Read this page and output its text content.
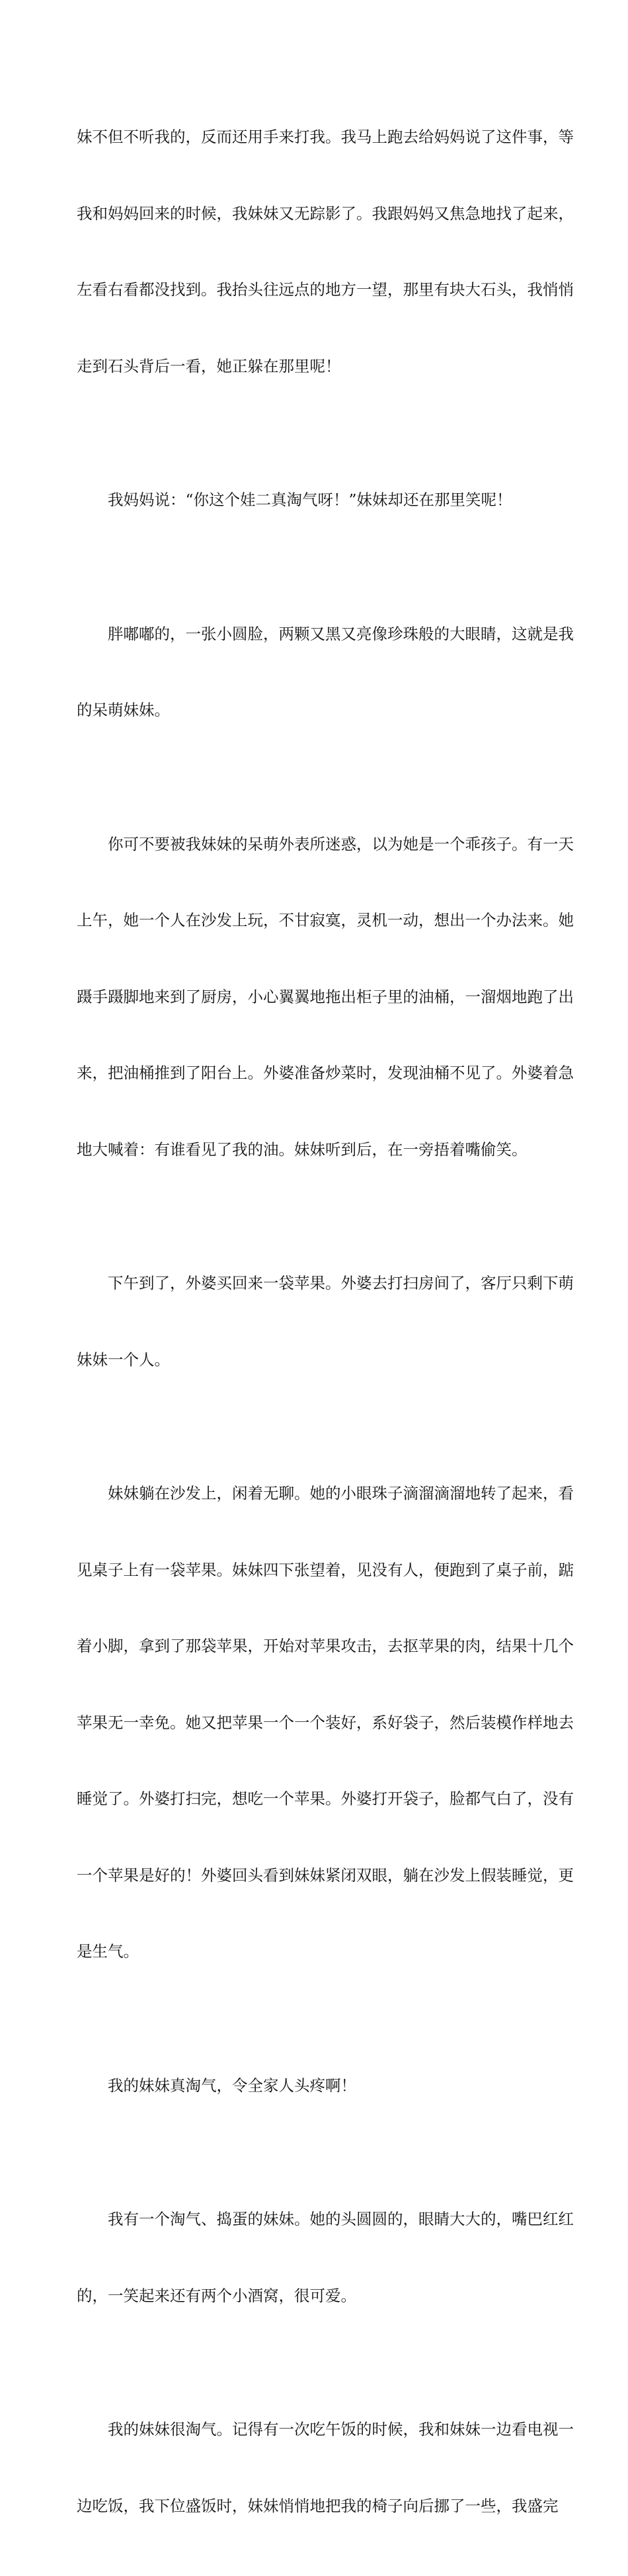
妹不但不听我的，反而还用手来打我。我马上跑去给妈妈说了这件事，等

我和妈妈回来的时候，我妹妹又无踪影了。我跟妈妈又焦急地找了起来，

左看右看都没找到。我抬头往远点的地方一望，那里有块大石头，我悄悄

走到石头背后一看，她正躲在那里呢！

　　我妈妈说：“你这个娃二真淘气呀！”妹妹却还在那里笑呢！

　　胖嘟嘟的，一张小圆脸，两颗又黑又亮像珍珠般的大眼睛，这就是我

的呆萌妹妹。

　　你可不要被我妹妹的呆萌外表所迷惑，以为她是一个乖孩子。有一天

上午，她一个人在沙发上玩，不甘寂寞，灵机一动，想出一个办法来。她

蹑手蹑脚地来到了厨房，小心翼翼地拖出柜子里的油桶，一溜烟地跑了出

来，把油桶推到了阳台上。外婆准备炒菜时，发现油桶不见了。外婆着急

地大喊着：有谁看见了我的油。妹妹听到后，在一旁捂着嘴偷笑。

　　下午到了，外婆买回来一袋苹果。外婆去打扫房间了，客厅只剩下萌

妹妹一个人。

　　妹妹躺在沙发上，闲着无聊。她的小眼珠子滴溜滴溜地转了起来，看

见桌子上有一袋苹果。妹妹四下张望着，见没有人，便跑到了桌子前，踮

着小脚，拿到了那袋苹果，开始对苹果攻击，去抠苹果的肉，结果十几个

苹果无一幸免。她又把苹果一个一个装好，系好袋子，然后装模作样地去

睡觉了。外婆打扫完，想吃一个苹果。外婆打开袋子，脸都气白了，没有

一个苹果是好的！外婆回头看到妹妹紧闭双眼，躺在沙发上假装睡觉，更

是生气。

　　我的妹妹真淘气，令全家人头疼啊！

　　我有一个淘气、捣蛋的妹妹。她的头圆圆的，眼睛大大的，嘴巴红红

的，一笑起来还有两个小酒窝，很可爱。

　　我的妹妹很淘气。记得有一次吃午饭的时候，我和妹妹一边看电视一

边吃饭，我下位盛饭时，妹妹悄悄地把我的椅子向后挪了一些，我盛完
